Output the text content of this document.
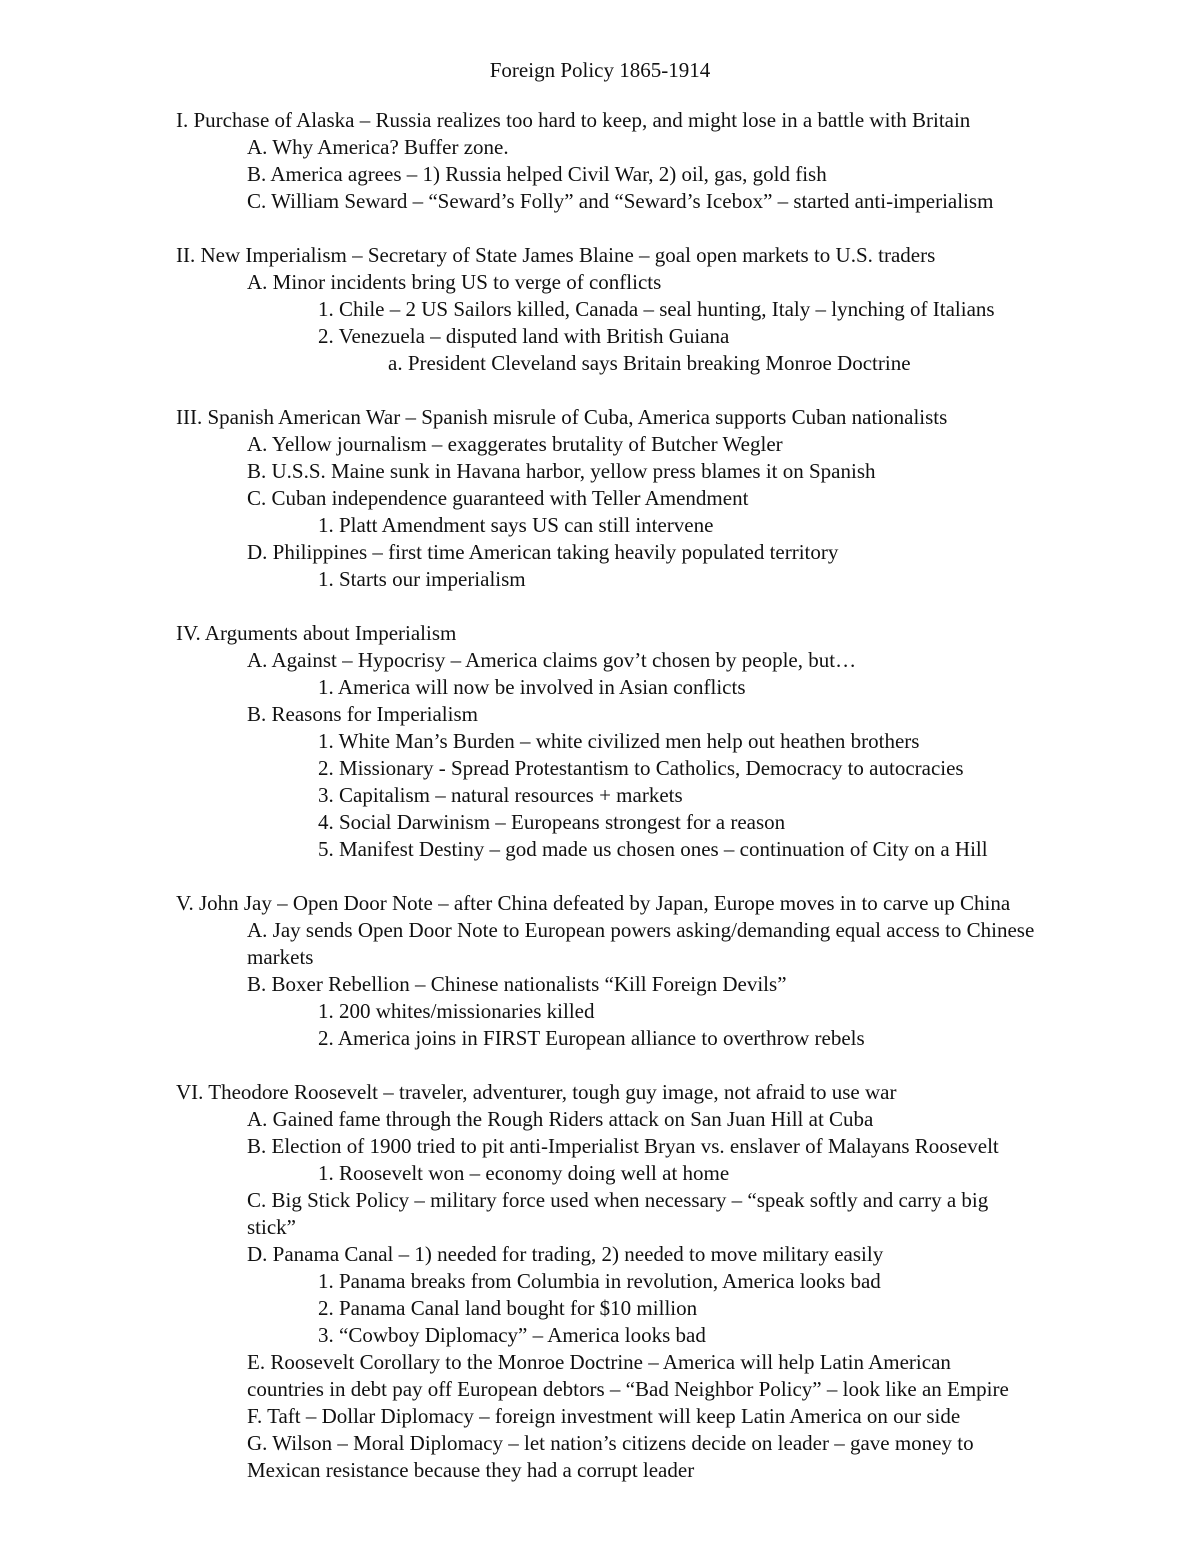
Foreign Policy 1865-1914
I. Purchase of Alaska – Russia realizes too hard to keep, and might lose in a battle with Britain
A. Why America? Buffer zone.
B. America agrees – 1) Russia helped Civil War, 2) oil, gas, gold fish
C. William Seward – “Seward’s Folly” and “Seward’s Icebox” – started anti-imperialism
II. New Imperialism – Secretary of State James Blaine – goal open markets to U.S. traders
A. Minor incidents bring US to verge of conflicts
1. Chile – 2 US Sailors killed, Canada – seal hunting, Italy – lynching of Italians
2. Venezuela – disputed land with British Guiana
a. President Cleveland says Britain breaking Monroe Doctrine
III. Spanish American War – Spanish misrule of Cuba, America supports Cuban nationalists
A. Yellow journalism – exaggerates brutality of Butcher Wegler
B. U.S.S. Maine sunk in Havana harbor, yellow press blames it on Spanish
C. Cuban independence guaranteed with Teller Amendment
1. Platt Amendment says US can still intervene
D. Philippines – first time American taking heavily populated territory
1. Starts our imperialism
IV. Arguments about Imperialism
A. Against – Hypocrisy – America claims gov’t chosen by people, but…
1. America will now be involved in Asian conflicts
B. Reasons for Imperialism
1. White Man’s Burden – white civilized men help out heathen brothers
2. Missionary - Spread Protestantism to Catholics, Democracy to autocracies
3. Capitalism – natural resources + markets
4. Social Darwinism – Europeans strongest for a reason
5. Manifest Destiny – god made us chosen ones – continuation of City on a Hill
V. John Jay – Open Door Note – after China defeated by Japan, Europe moves in to carve up China
A. Jay sends Open Door Note to European powers asking/demanding equal access to Chinese
markets
B. Boxer Rebellion – Chinese nationalists “Kill Foreign Devils”
1. 200 whites/missionaries killed
2. America joins in FIRST European alliance to overthrow rebels
VI. Theodore Roosevelt – traveler, adventurer, tough guy image, not afraid to use war
A. Gained fame through the Rough Riders attack on San Juan Hill at Cuba
B. Election of 1900 tried to pit anti-Imperialist Bryan vs. enslaver of Malayans Roosevelt
1. Roosevelt won – economy doing well at home
C. Big Stick Policy – military force used when necessary – “speak softly and carry a big
stick”
D. Panama Canal – 1) needed for trading, 2) needed to move military easily
1. Panama breaks from Columbia in revolution, America looks bad
2. Panama Canal land bought for $10 million
3. “Cowboy Diplomacy” – America looks bad
E. Roosevelt Corollary to the Monroe Doctrine – America will help Latin American
countries in debt pay off European debtors – “Bad Neighbor Policy” – look like an Empire
F. Taft – Dollar Diplomacy – foreign investment will keep Latin America on our side
G. Wilson – Moral Diplomacy – let nation’s citizens decide on leader – gave money to
Mexican resistance because they had a corrupt leader
